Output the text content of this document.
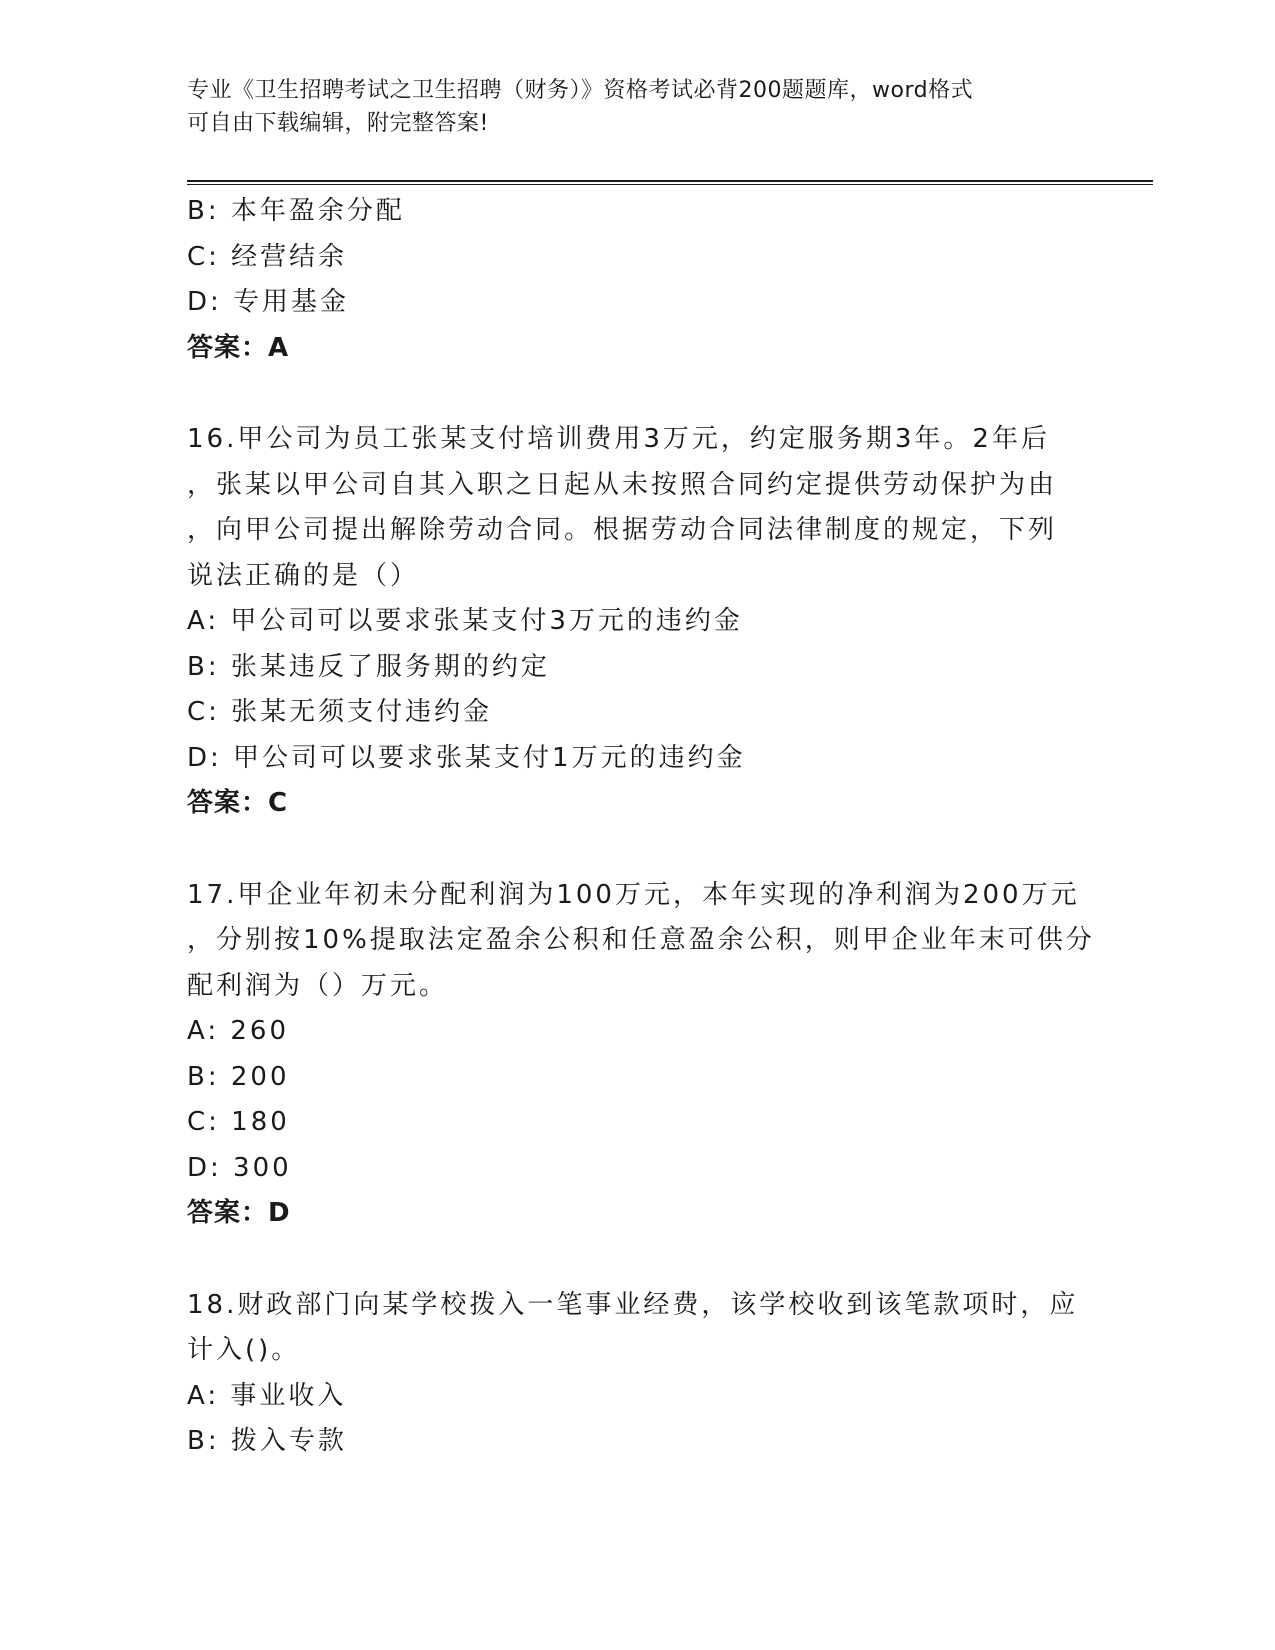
专业《卫生招聘考试之卫生招聘（财务）》资格考试必背200题题库，word格式
可自由下载编辑，附完整答案!
B: 本年盈余分配
C: 经营结余
D: 专用基金
答案：A
16.甲公司为员工张某支付培训费用3万元，约定服务期3年。2年后
，张某以甲公司自其入职之日起从未按照合同约定提供劳动保护为由
，向甲公司提出解除劳动合同。根据劳动合同法律制度的规定，下列
说法正确的是（）
A: 甲公司可以要求张某支付3万元的违约金
B: 张某违反了服务期的约定
C: 张某无须支付违约金
D: 甲公司可以要求张某支付1万元的违约金
答案：C
17.甲企业年初未分配利润为100万元，本年实现的净利润为200万元
，分别按10%提取法定盈余公积和任意盈余公积，则甲企业年末可供分
配利润为（）万元。
A: 260
B: 200
C: 180
D: 300
答案：D
18.财政部门向某学校拨入一笔事业经费，该学校收到该笔款项时，应
计入()。
A: 事业收入
B: 拨入专款
